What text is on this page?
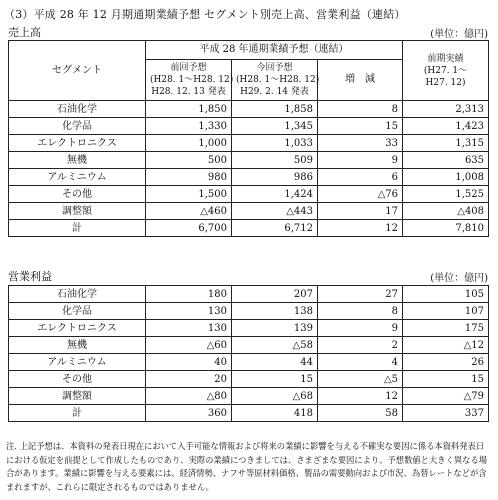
（3）平成 28 年 12 月期通期業績予想 セグメント別売上高、営業利益（連結）
売上高	(単位：億円)
セグメント	平成 28 年通期業績予想（連結）			前期実績
(H27. 1～
H27. 12)

	前回予想
(H28. 1～H28. 12)
H28. 12. 13 発表	今回予想
(H28. 1～H28. 12)
H29. 2. 14 発表	増　減	
石油化学	1,850	1,858	8	2,313
化学品	1,330	1,345	15	1,423
エレクトロニクス	1,000	1,033	33	1,315
無機	500	509	9	635
アルミニウム	980	986	6	1,008
その他	1,500	1,424	△76	1,525
調整額	△460	△443	17	△408
計	6,700	6,712	12	7,810
営業利益	(単位：億円)
石油化学	180	207	27	105
化学品	130	138	8	107
エレクトロニクス	130	139	9	175
無機	△60	△58	2	△12
アルミニウム	40	44	4	26
その他	20	15	△5	15
調整額	△80	△68	12	△79
計	360	418	58	337
注. 上記予想は、本資料の発表日現在において入手可能な情報および将来の業績に影響を与える不確実な要因に係る本資料発表日における仮定を前提として作成したものであり、実際の業績につきましては、さまざまな要因により、予想数値と大きく異なる場合があります。業績に影響を与える要素には、経済情勢、ナフサ等原材料価格、製品の需要動向および市況、為替レートなどが含まれますが、これらに限定されるものではありません。
